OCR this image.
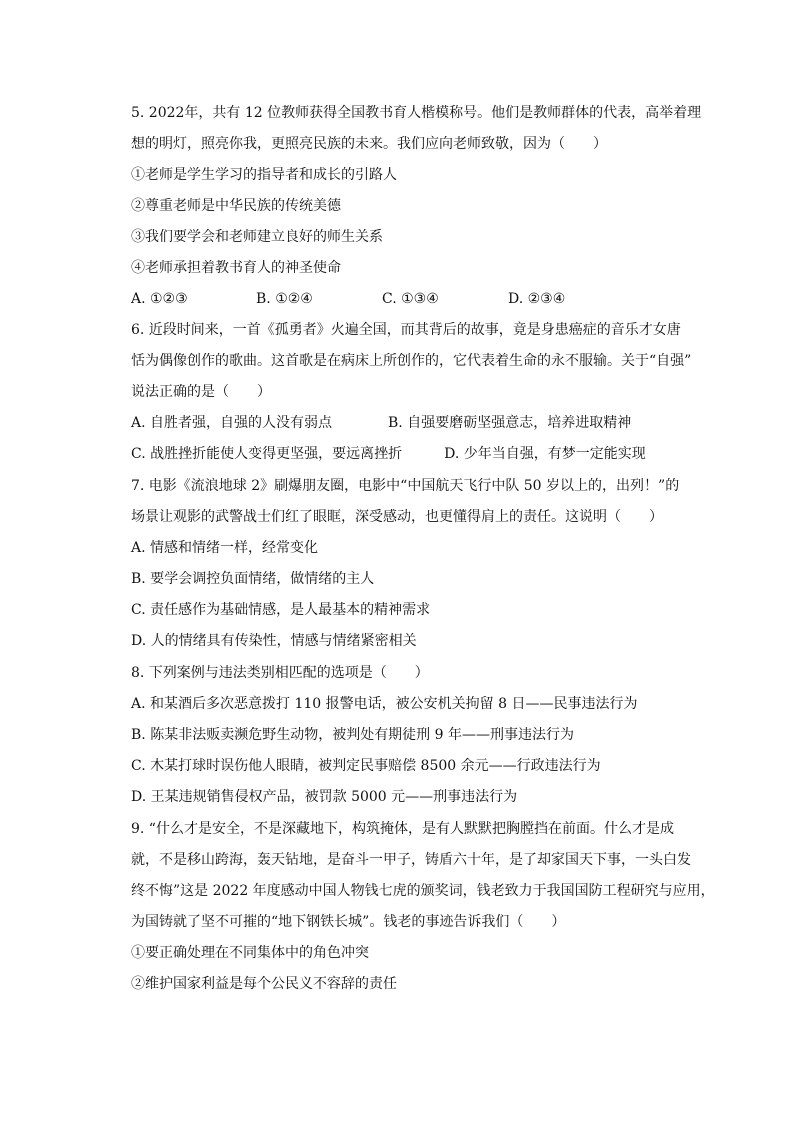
5. 2022年，共有 12 位教师获得全国教书育人楷模称号。他们是教师群体的代表，高举着理
想的明灯，照亮你我，更照亮民族的未来。我们应向老师致敬，因为（　　）
①老师是学生学习的指导者和成长的引路人
②尊重老师是中华民族的传统美德
③我们要学会和老师建立良好的师生关系
④老师承担着教书育人的神圣使命
A. ①②③	B. ①②④	C. ①③④	D. ②③④
6. 近段时间来，一首《孤勇者》火遍全国，而其背后的故事，竟是身患癌症的音乐才女唐
恬为偶像创作的歌曲。这首歌是在病床上所创作的，它代表着生命的永不服输。关于“自强”
说法正确的是（　　）
A. 自胜者强，自强的人没有弱点　　　　B. 自强要磨砺坚强意志，培养进取精神
C. 战胜挫折能使人变得更坚强，要远离挫折　　　D. 少年当自强，有梦一定能实现
7. 电影《流浪地球 2》刷爆朋友圈，电影中“中国航天飞行中队 50 岁以上的，出列！”的
场景让观影的武警战士们红了眼眶，深受感动，也更懂得肩上的责任。这说明（　　）
A. 情感和情绪一样，经常变化
B. 要学会调控负面情绪，做情绪的主人
C. 责任感作为基础情感，是人最基本的精神需求
D. 人的情绪具有传染性，情感与情绪紧密相关
8. 下列案例与违法类别相匹配的选项是（　　）
A. 和某酒后多次恶意拨打 110 报警电话，被公安机关拘留 8 日——民事违法行为
B. 陈某非法贩卖濒危野生动物，被判处有期徒刑 9 年——刑事违法行为
C. 木某打球时误伤他人眼睛，被判定民事赔偿 8500 余元——行政违法行为
D. 王某违规销售侵权产品，被罚款 5000 元——刑事违法行为
9. “什么才是安全，不是深藏地下，构筑掩体，是有人默默把胸膛挡在前面。什么才是成
就，不是移山跨海，轰天钻地，是奋斗一甲子，铸盾六十年，是了却家国天下事，一头白发
终不悔”这是 2022 年度感动中国人物钱七虎的颁奖词，钱老致力于我国国防工程研究与应用，
为国铸就了坚不可摧的“地下钢铁长城”。钱老的事迹告诉我们（　　）
①要正确处理在不同集体中的角色冲突
②维护国家利益是每个公民义不容辞的责任
